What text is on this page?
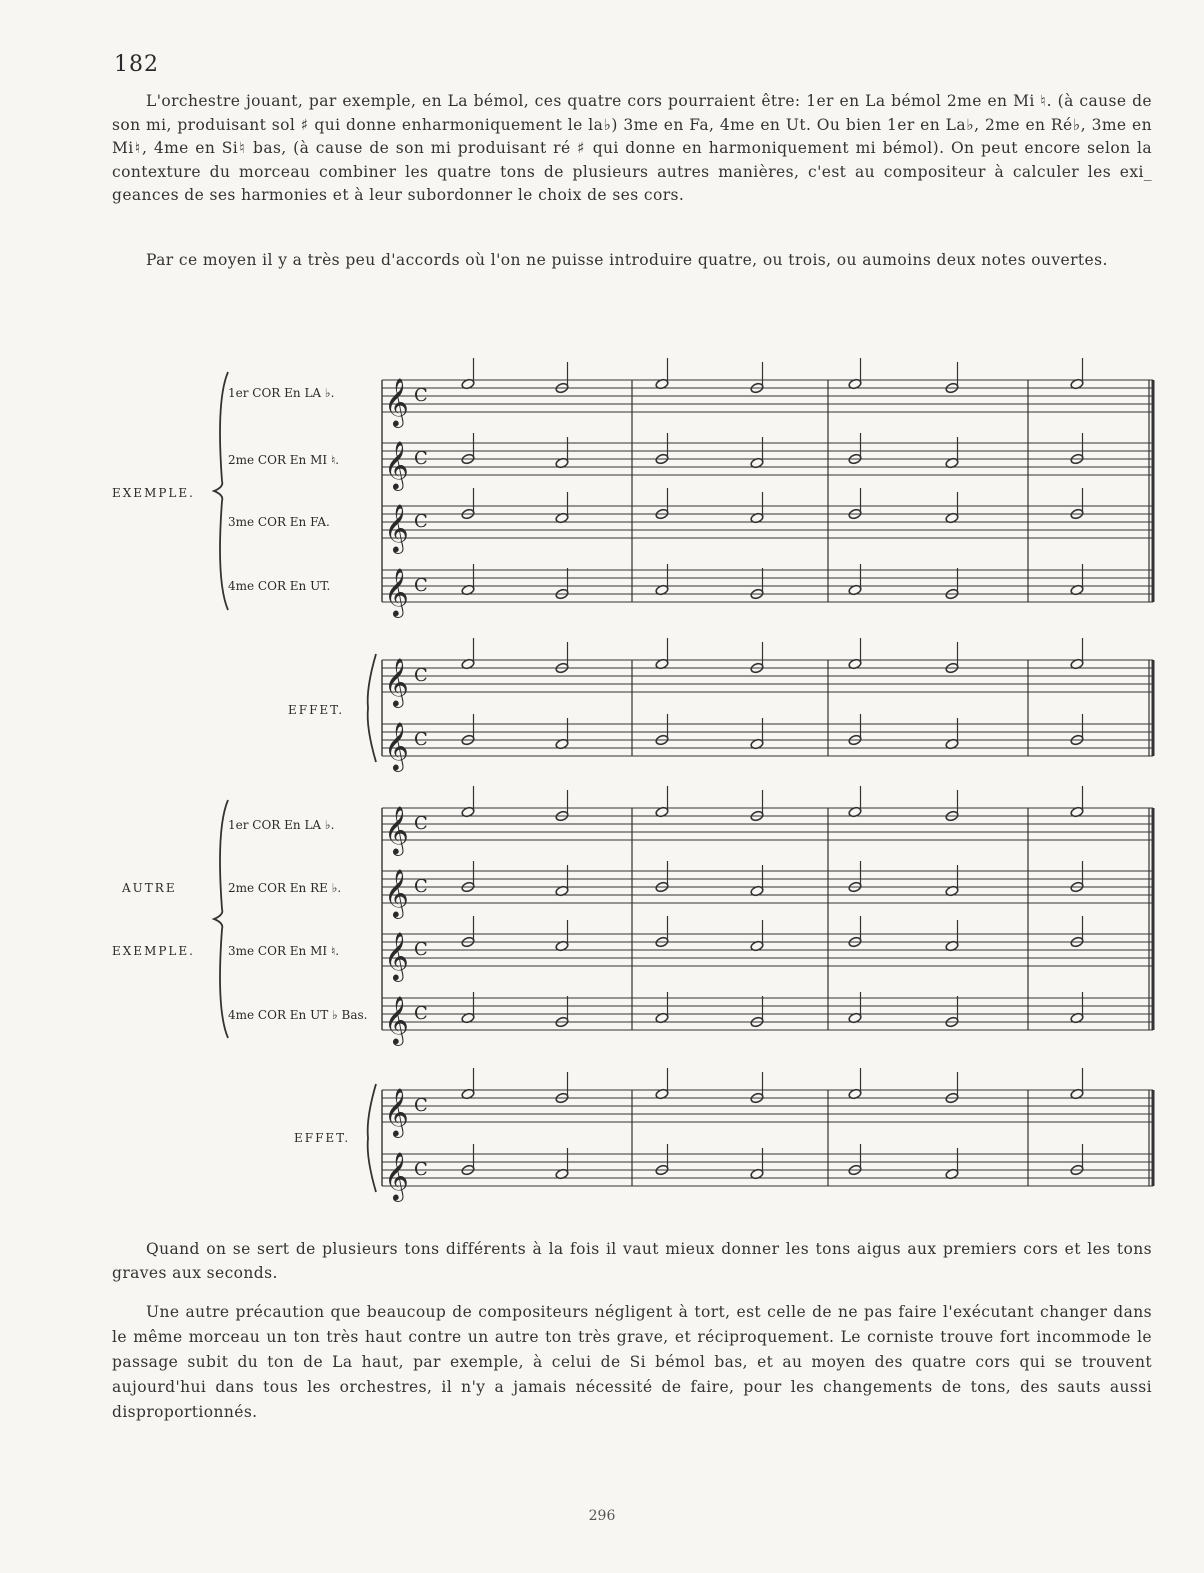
182
L'orchestre jouant, par exemple, en La bémol, ces quatre cors pourraient être: 1er en La bémol 2me en Mi ♮. (à cause de son mi, produisant sol ♯ qui donne enharmoniquement le la♭) 3me en Fa, 4me en Ut. Ou bien 1er en La♭, 2me en Ré♭, 3me en Mi♮, 4me en Si♮ bas, (à cause de son mi produisant ré ♯ qui donne en harmoniquement mi bémol). On peut encore selon la contexture du morceau combiner les quatre tons de plusieurs autres manières, c'est au compositeur à calculer les exi_ geances de ses harmonies et à leur subordonner le choix de ses cors.
Par ce moyen il y a très peu d'accords où l'on ne puisse introduire quatre, ou trois, ou aumoins deux notes ouvertes.
𝄞 C
𝄞 C
𝄞 C
𝄞 C
𝄞 C
𝄞 C
𝄞 C
𝄞 C
𝄞 C
𝄞 C
𝄞 C
𝄞 C
EXEMPLE.
1er COR En LA ♭.
2me COR En MI ♮.
3me COR En FA.
4me COR En UT.
EFFET.
AUTRE
EXEMPLE.
1er COR En LA ♭.
2me COR En RE ♭.
3me COR En MI ♮.
4me COR En UT ♭ Bas.
EFFET.
Quand on se sert de plusieurs tons différents à la fois il vaut mieux donner les tons aigus aux premiers cors et les tons graves aux seconds.
Une autre précaution que beaucoup de compositeurs négligent à tort, est celle de ne pas faire l'exécutant changer dans le même morceau un ton très haut contre un autre ton très grave, et réciproquement. Le corniste trouve fort incommode le passage subit du ton de La haut, par exemple, à celui de Si bémol bas, et au moyen des quatre cors qui se trouvent aujourd'hui dans tous les orchestres, il n'y a jamais nécessité de faire, pour les changements de tons, des sauts aussi disproportionnés.
296
